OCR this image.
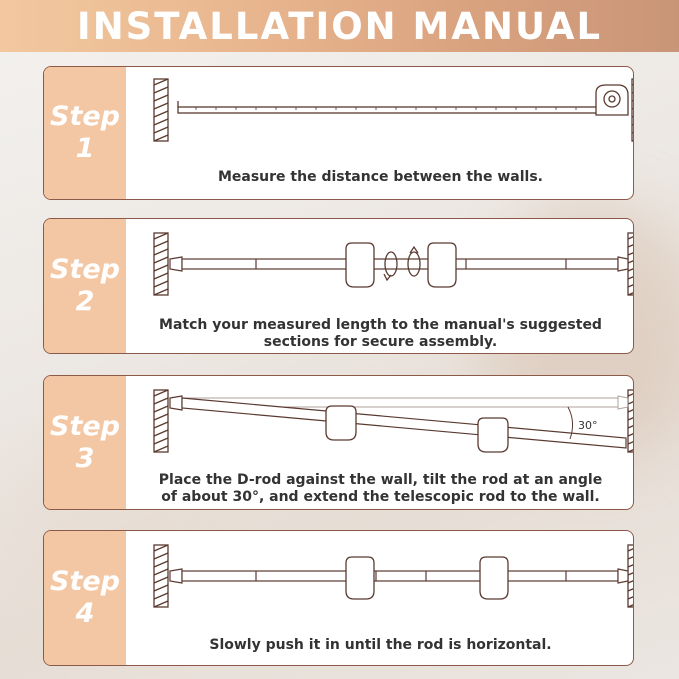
INSTALLATION MANUAL
Step
1
Measure the distance between the walls.
Step
2
Match your measured length to the manual's suggested
sections for secure assembly.
Step
3
30°
Place the D-rod against the wall, tilt the rod at an angle
of about 30°, and extend the telescopic rod to the wall.
Step
4
Slowly push it in until the rod is horizontal.
